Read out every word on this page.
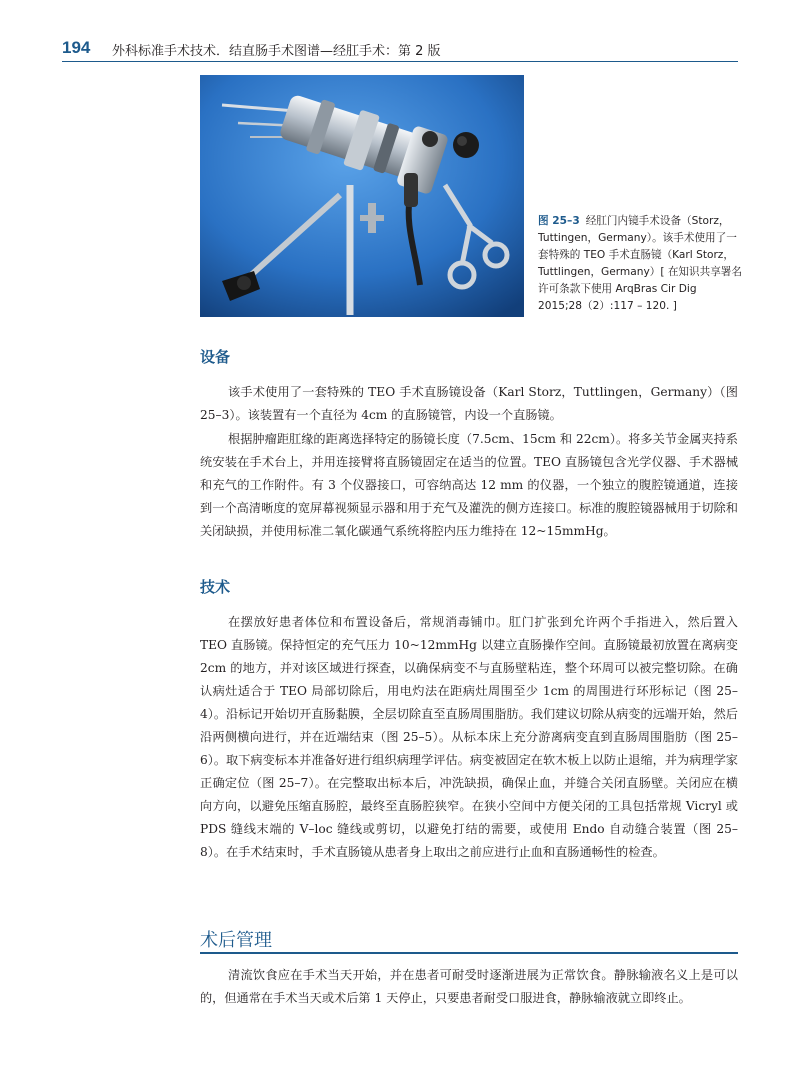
194 外科标准手术技术．结直肠手术图谱—经肛手术：第 2 版
图 25–3 经肛门内镜手术设备（Storz，Tuttingen，Germany）。该手术使用了一套特殊的 TEO 手术直肠镜（Karl Storz，Tuttlingen，Germany）[ 在知识共享署名许可条款下使用 ArqBras Cir Dig 2015;28（2）:117 – 120. ]
设备

该手术使用了一套特殊的 TEO 手术直肠镜设备（Karl Storz，Tuttlingen，Germany）（图 25–3）。该装置有一个直径为 4cm 的直肠镜管，内设一个直肠镜。

根据肿瘤距肛缘的距离选择特定的肠镜长度（7.5cm、15cm 和 22cm）。将多关节金属夹持系统安装在手术台上，并用连接臂将直肠镜固定在适当的位置。TEO 直肠镜包含光学仪器、手术器械和充气的工作附件。有 3 个仪器接口，可容纳高达 12 mm 的仪器，一个独立的腹腔镜通道，连接到一个高清晰度的宽屏幕视频显示器和用于充气及灌洗的侧方连接口。标准的腹腔镜器械用于切除和关闭缺损，并使用标准二氧化碳通气系统将腔内压力维持在 12~15mmHg。

技术

在摆放好患者体位和布置设备后，常规消毒铺巾。肛门扩张到允许两个手指进入，然后置入 TEO 直肠镜。保持恒定的充气压力 10~12mmHg 以建立直肠操作空间。直肠镜最初放置在离病变 2cm 的地方，并对该区域进行探查，以确保病变不与直肠壁粘连，整个环周可以被完整切除。在确认病灶适合于 TEO 局部切除后，用电灼法在距病灶周围至少 1cm 的周围进行环形标记（图 25–4）。沿标记开始切开直肠黏膜，全层切除直至直肠周围脂肪。我们建议切除从病变的远端开始，然后沿两侧横向进行，并在近端结束（图 25–5）。从标本床上充分游离病变直到直肠周围脂肪（图 25–6）。取下病变标本并准备好进行组织病理学评估。病变被固定在软木板上以防止退缩，并为病理学家正确定位（图 25–7）。在完整取出标本后，冲洗缺损，确保止血，并缝合关闭直肠壁。关闭应在横向方向，以避免压缩直肠腔，最终至直肠腔狭窄。在狭小空间中方便关闭的工具包括常规 Vicryl 或 PDS 缝线末端的 V–loc 缝线或剪切，以避免打结的需要，或使用 Endo 自动缝合装置（图 25–8）。在手术结束时，手术直肠镜从患者身上取出之前应进行止血和直肠通畅性的检查。

术后管理

清流饮食应在手术当天开始，并在患者可耐受时逐渐进展为正常饮食。静脉输液名义上是可以的，但通常在手术当天或术后第 1 天停止，只要患者耐受口服进食，静脉输液就立即终止。
